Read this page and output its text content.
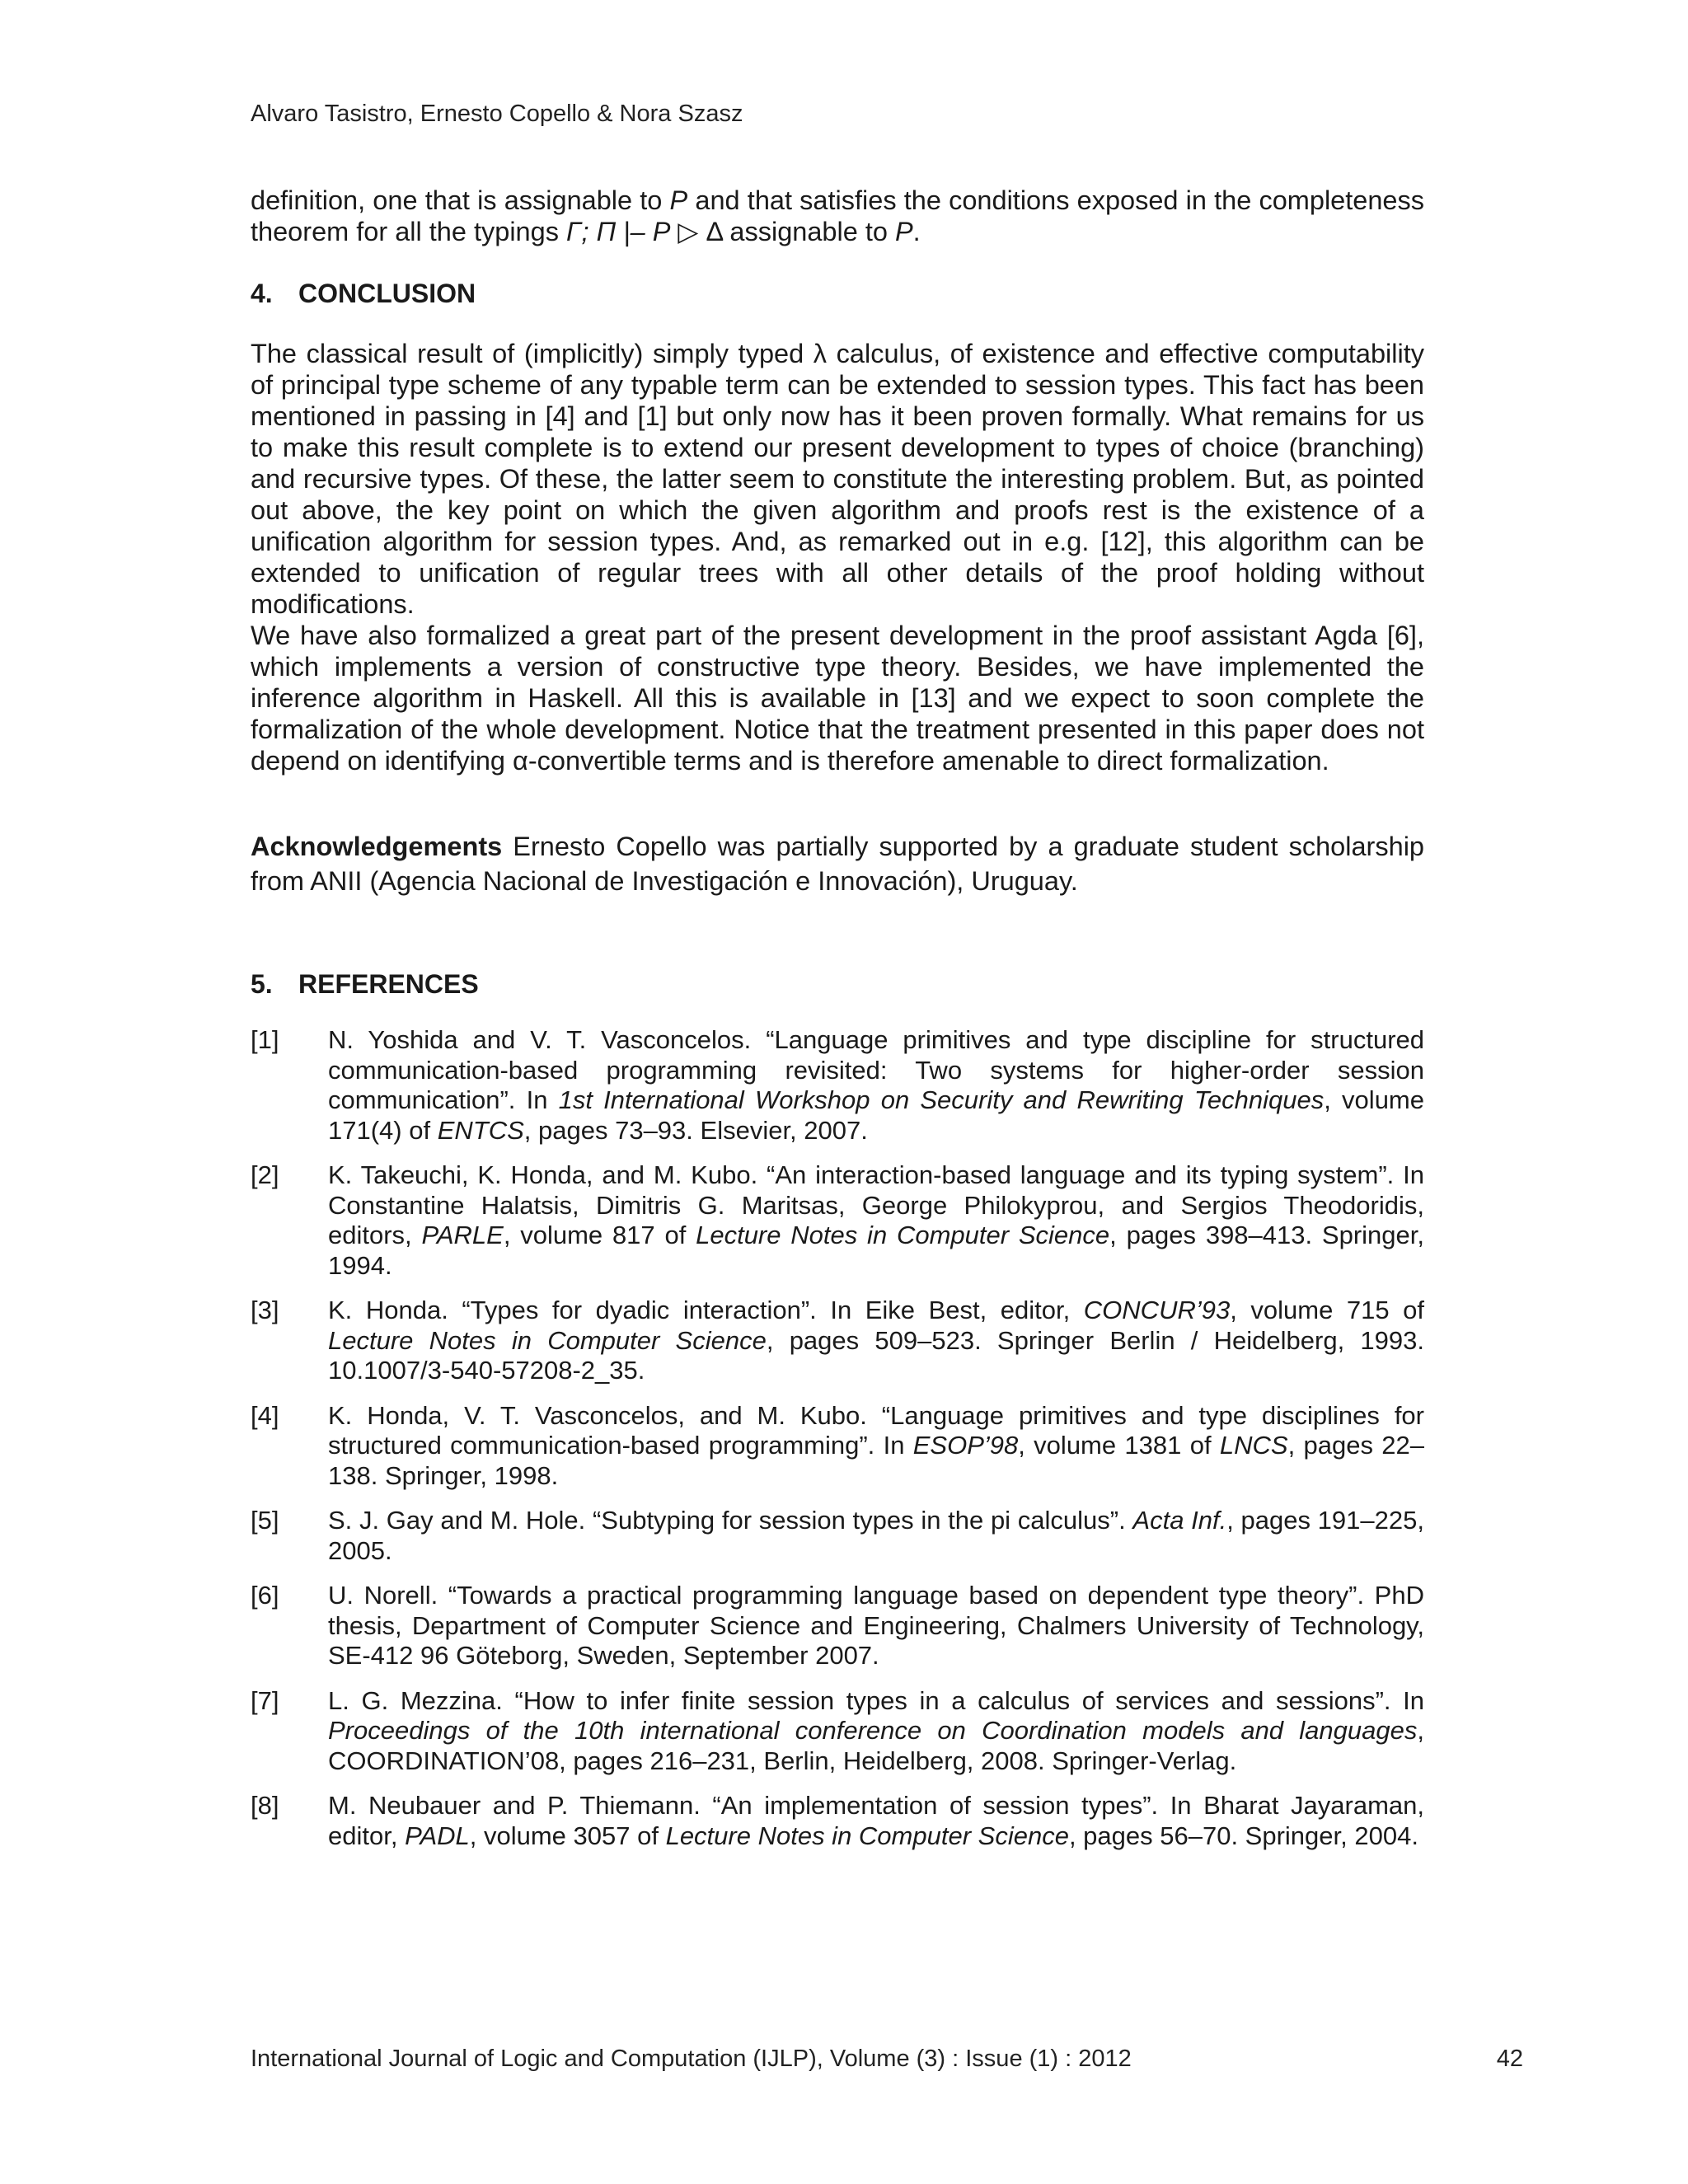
Alvaro Tasistro, Ernesto Copello & Nora Szasz

definition, one that is assignable to P and that satisfies the conditions exposed in the completeness theorem for all the typings Γ; Π |– P ▷ Δ assignable to P.

4. CONCLUSION

The classical result of (implicitly) simply typed λ calculus, of existence and effective computability of principal type scheme of any typable term can be extended to session types. This fact has been mentioned in passing in [4] and [1] but only now has it been proven formally. What remains for us to make this result complete is to extend our present development to types of choice (branching) and recursive types. Of these, the latter seem to constitute the interesting problem. But, as pointed out above, the key point on which the given algorithm and proofs rest is the existence of a unification algorithm for session types. And, as remarked out in e.g. [12], this algorithm can be extended to unification of regular trees with all other details of the proof holding without modifications.

We have also formalized a great part of the present development in the proof assistant Agda [6], which implements a version of constructive type theory. Besides, we have implemented the inference algorithm in Haskell. All this is available in [13] and we expect to soon complete the formalization of the whole development. Notice that the treatment presented in this paper does not depend on identifying α-convertible terms and is therefore amenable to direct formalization.

Acknowledgements Ernesto Copello was partially supported by a graduate student scholarship from ANII (Agencia Nacional de Investigación e Innovación), Uruguay.

5. REFERENCES
[1]	N. Yoshida and V. T. Vasconcelos. “Language primitives and type discipline for structured communication-based programming revisited: Two systems for higher-order session communication”. In 1st International Workshop on Security and Rewriting Techniques, volume 171(4) of ENTCS, pages 73–93. Elsevier, 2007.
[2]	K. Takeuchi, K. Honda, and M. Kubo. “An interaction-based language and its typing system”. In Constantine Halatsis, Dimitris G. Maritsas, George Philokyprou, and Sergios Theodoridis, editors, PARLE, volume 817 of Lecture Notes in Computer Science, pages 398–413. Springer, 1994.
[3]	K. Honda. “Types for dyadic interaction”. In Eike Best, editor, CONCUR’93, volume 715 of Lecture Notes in Computer Science, pages 509–523. Springer Berlin / Heidelberg, 1993. 10.1007/3-540-57208-2_35.
[4]	K. Honda, V. T. Vasconcelos, and M. Kubo. “Language primitives and type disciplines for structured communication-based programming”. In ESOP’98, volume 1381 of LNCS, pages 22–138. Springer, 1998.
[5]	S. J. Gay and M. Hole. “Subtyping for session types in the pi calculus”. Acta Inf., pages 191–225, 2005.
[6]	U. Norell. “Towards a practical programming language based on dependent type theory”. PhD thesis, Department of Computer Science and Engineering, Chalmers University of Technology, SE-412 96 Göteborg, Sweden, September 2007.
[7]	L. G. Mezzina. “How to infer finite session types in a calculus of services and sessions”. In Proceedings of the 10th international conference on Coordination models and languages, COORDINATION’08, pages 216–231, Berlin, Heidelberg, 2008. Springer-Verlag.
[8]	M. Neubauer and P. Thiemann. “An implementation of session types”. In Bharat Jayaraman, editor, PADL, volume 3057 of Lecture Notes in Computer Science, pages 56–70. Springer, 2004.
International Journal of Logic and Computation (IJLP), Volume (3) : Issue (1) : 2012	42
